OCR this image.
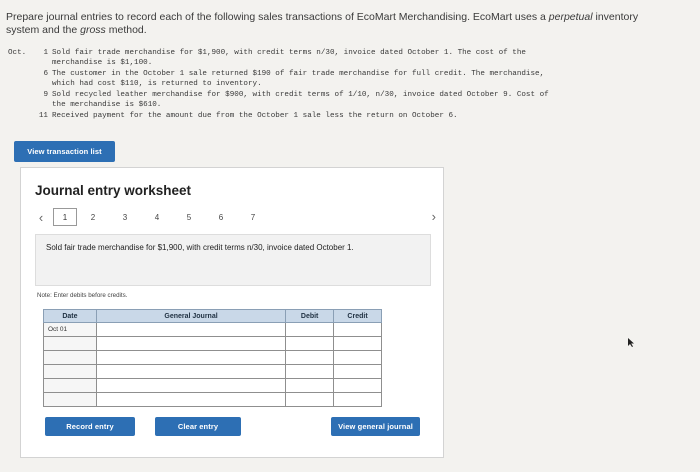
Prepare journal entries to record each of the following sales transactions of EcoMart Merchandising. EcoMart uses a perpetual inventory system and the gross method.
Oct.	1 Sold fair trade merchandise for $1,900, with credit terms n/30, invoice dated October 1. The cost of the
merchandise is $1,100.
6 The customer in the October 1 sale returned $190 of fair trade merchandise for full credit. The merchandise,
which had cost $110, is returned to inventory.
9 Sold recycled leather merchandise for $900, with credit terms of 1/10, n/30, invoice dated October 9. Cost of
the merchandise is $610.
11 Received payment for the amount due from the October 1 sale less the return on October 6.
View transaction list
Journal entry worksheet
‹	1	2	3	4	5	6	7	›
Sold fair trade merchandise for $1,900, with credit terms n/30, invoice dated October 1.
Note: Enter debits before credits.
Date	General Journal	Debit	Credit
Oct 01			

Record entry	Clear entry	View general journal
